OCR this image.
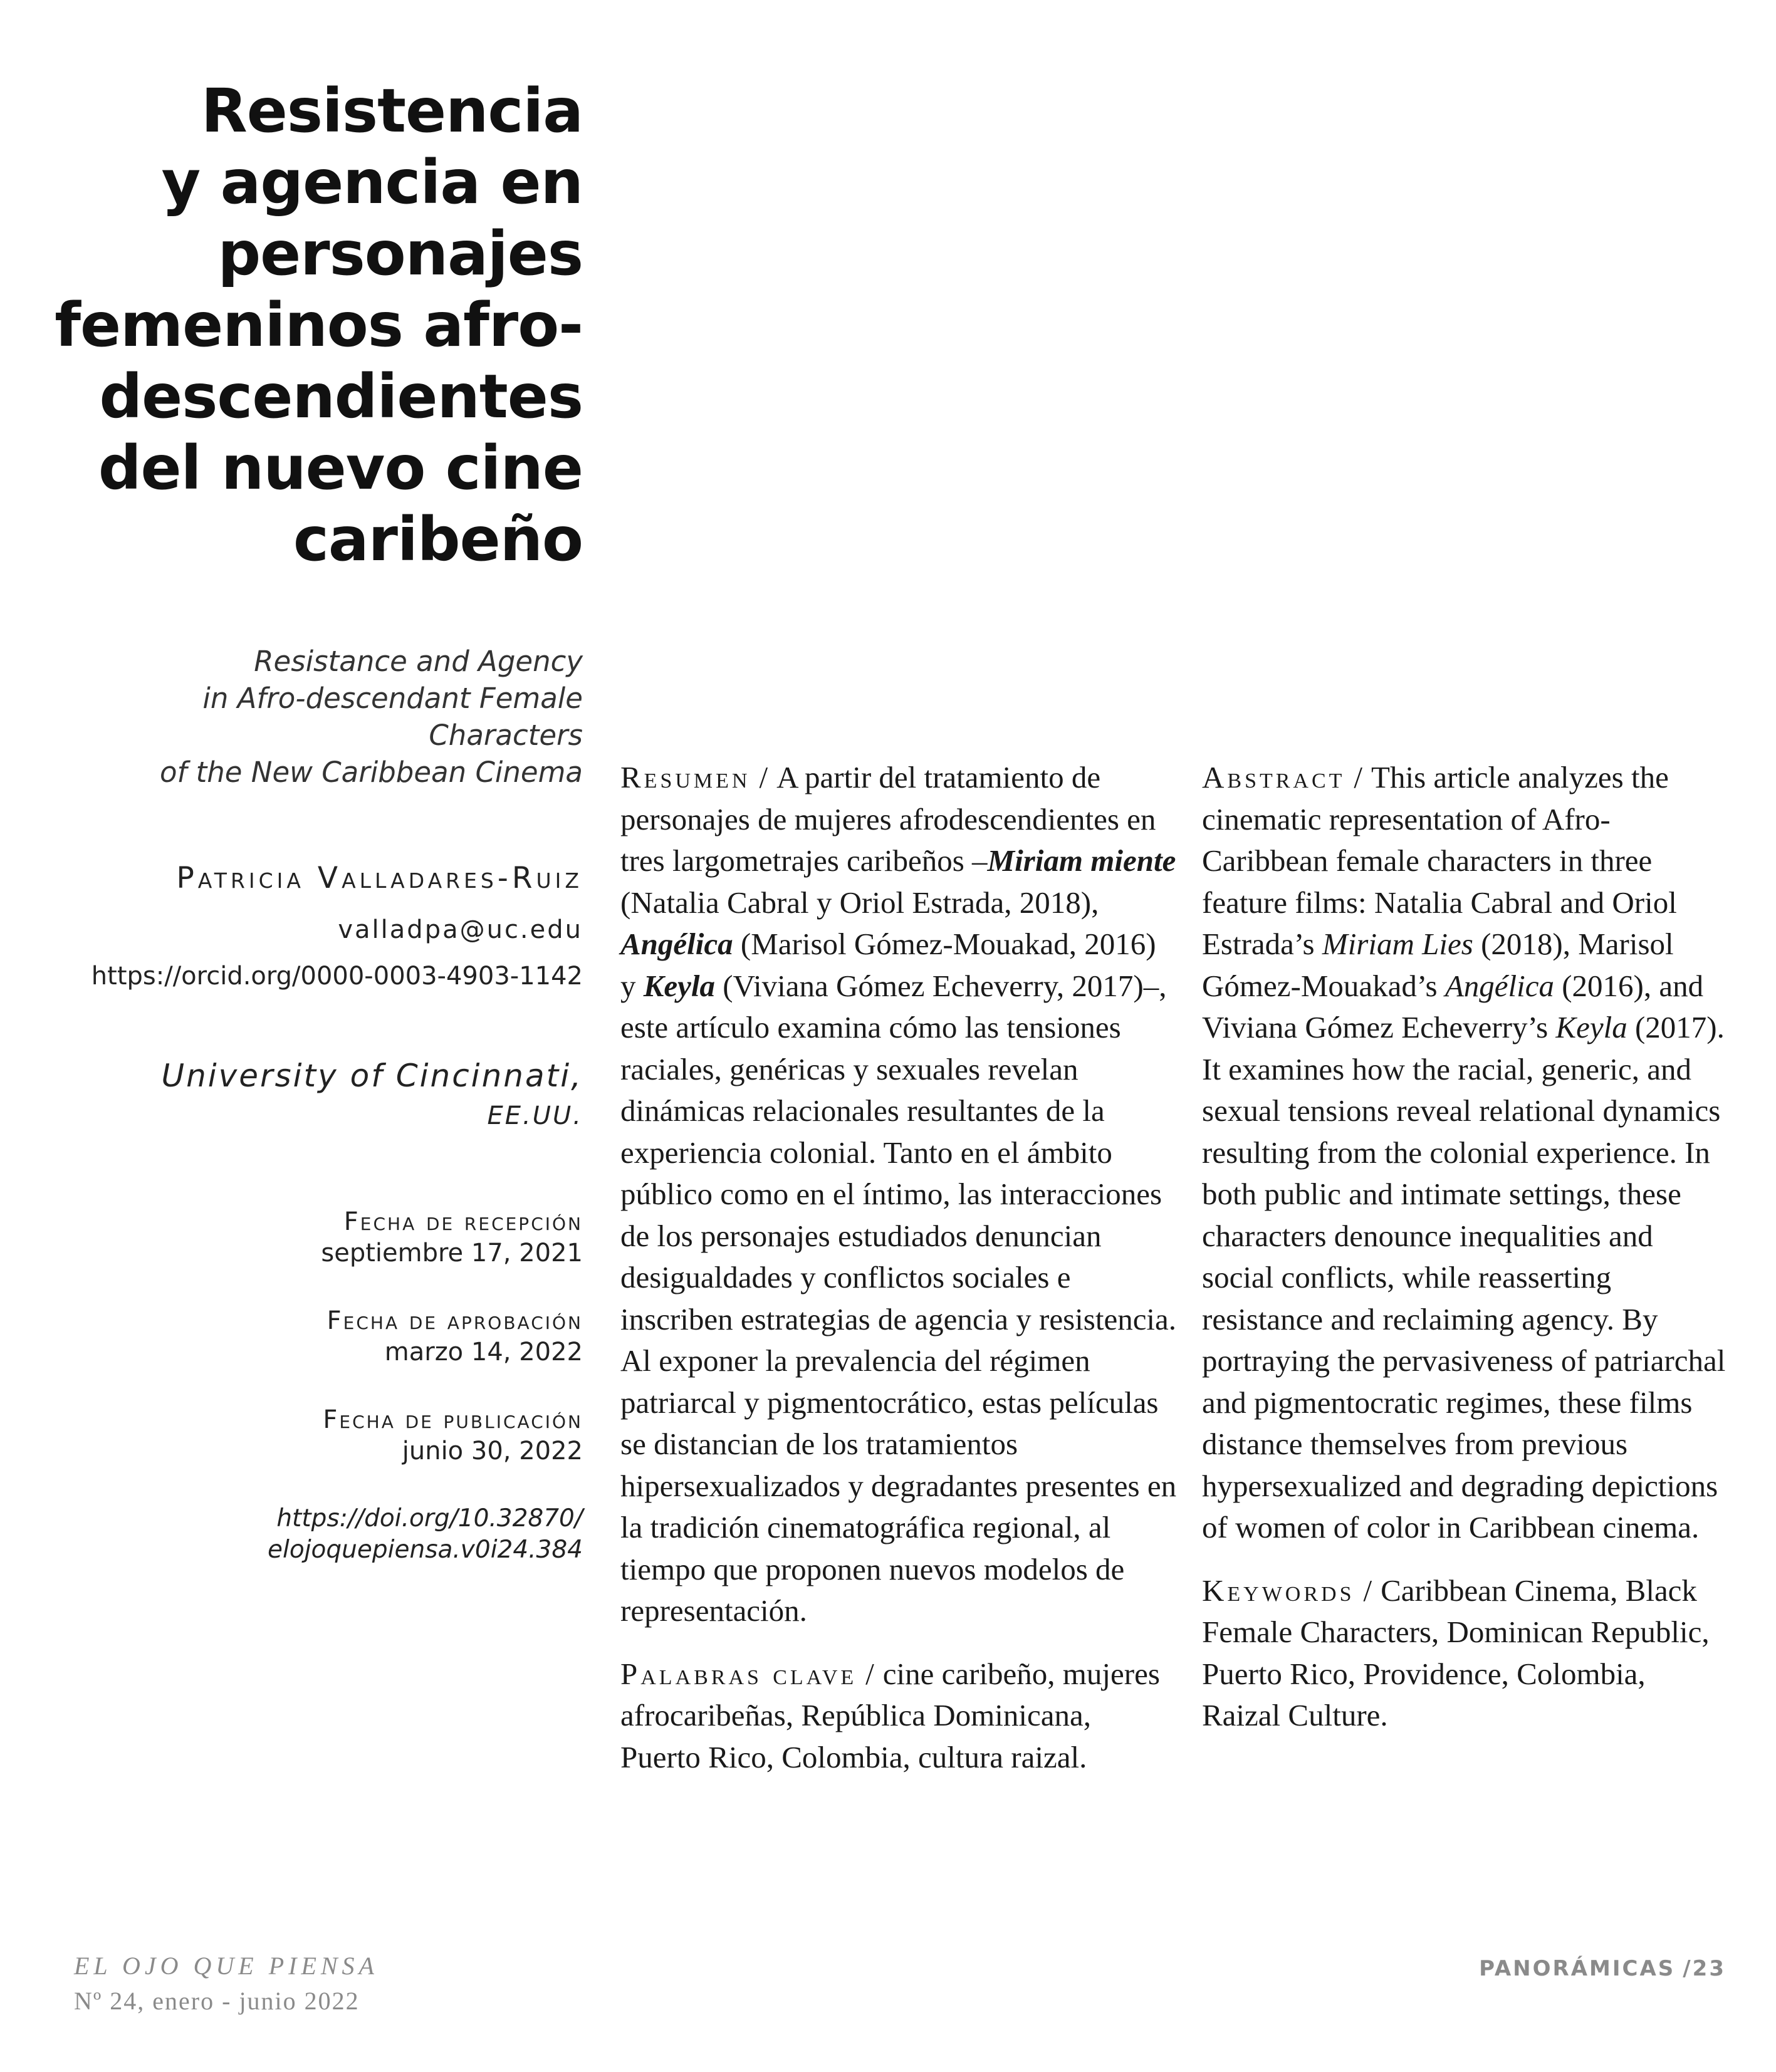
Resistencia
y agencia en
personajes
femeninos afro-
descendientes
del nuevo cine
caribeño
Resistance and Agency
in Afro-descendant Female Characters
of the New Caribbean Cinema
Patricia Valladares-Ruiz
valladpa@uc.edu
https://orcid.org/0000-0003-4903-1142
University of Cincinnati,
EE.UU.
Fecha de recepción
septiembre 17, 2021
Fecha de aprobación
marzo 14, 2022
Fecha de publicación
junio 30, 2022
https://doi.org/10.32870/
elojoquepiensa.v0i24.384

Resumen / A partir del tratamiento de personajes de mujeres afrodescendientes en tres largometrajes caribeños –Miriam miente (Natalia Cabral y Oriol Estrada, 2018), Angélica (Marisol Gómez-Mouakad, 2016) y Keyla (Viviana Gómez Echeverry, 2017)–, este artículo examina cómo las tensiones raciales, genéricas y sexuales revelan dinámicas relacionales resultantes de la experiencia colonial. Tanto en el ámbito público como en el íntimo, las interacciones de los personajes estudiados denuncian desigualdades y conflictos sociales e inscriben estrategias de agencia y resistencia. Al exponer la prevalencia del régimen patriarcal y pigmentocrático, estas películas se distancian de los tratamientos hipersexualizados y degradantes presentes en la tradición cinematográfica regional, al tiempo que proponen nuevos modelos de representación.

Palabras clave / cine caribeño, mujeres afrocaribeñas, República Dominicana, Puerto Rico, Colombia, cultura raizal.

Abstract / This article analyzes the cinematic representation of Afro-Caribbean female characters in three feature films: Natalia Cabral and Oriol Estrada’s Miriam Lies (2018), Marisol Gómez-Mouakad’s Angélica (2016), and Viviana Gómez Echeverry’s Keyla (2017). It examines how the racial, generic, and sexual tensions reveal relational dynamics resulting from the colonial experience. In both public and intimate settings, these characters denounce inequalities and social conflicts, while reasserting resistance and reclaiming agency. By portraying the pervasiveness of patriarchal and pigmentocratic regimes, these films distance themselves from previous hypersexualized and degrading depictions of women of color in Caribbean cinema.

Keywords / Caribbean Cinema, Black Female Characters, Dominican Republic, Puerto Rico, Providence, Colombia, Raizal Culture.

EL OJO QUE PIENSA
Nº 24, enero - junio 2022
PANORÁMICAS /23
